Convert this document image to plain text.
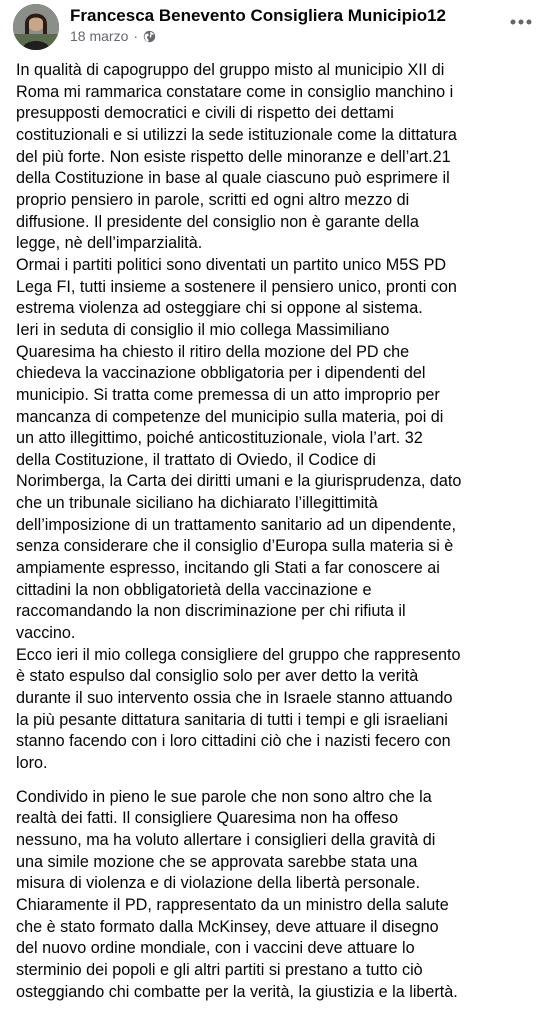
Francesca Benevento Consigliera Municipio12
18 marzo ·
In qualità di capogruppo del gruppo misto al municipio XII di
Roma mi rammarica constatare come in consiglio manchino i
presupposti democratici e civili di rispetto dei dettami
costituzionali e si utilizzi la sede istituzionale come la dittatura
del più forte. Non esiste rispetto delle minoranze e dell’art.21
della Costituzione in base al quale ciascuno può esprimere il
proprio pensiero in parole, scritti ed ogni altro mezzo di
diffusione. Il presidente del consiglio non è garante della
legge, nè dell’imparzialità.
Ormai i partiti politici sono diventati un partito unico M5S PD
Lega FI, tutti insieme a sostenere il pensiero unico, pronti con
estrema violenza ad osteggiare chi si oppone al sistema.
Ieri in seduta di consiglio il mio collega Massimiliano
Quaresima ha chiesto il ritiro della mozione del PD che
chiedeva la vaccinazione obbligatoria per i dipendenti del
municipio. Si tratta come premessa di un atto improprio per
mancanza di competenze del municipio sulla materia, poi di
un atto illegittimo, poiché anticostituzionale, viola l’art. 32
della Costituzione, il trattato di Oviedo, il Codice di
Norimberga, la Carta dei diritti umani e la giurisprudenza, dato
che un tribunale siciliano ha dichiarato l’illegittimità
dell’imposizione di un trattamento sanitario ad un dipendente,
senza considerare che il consiglio d’Europa sulla materia si è
ampiamente espresso, incitando gli Stati a far conoscere ai
cittadini la non obbligatorietà della vaccinazione e
raccomandando la non discriminazione per chi rifiuta il
vaccino.
Ecco ieri il mio collega consigliere del gruppo che rappresento
è stato espulso dal consiglio solo per aver detto la verità
durante il suo intervento ossia che in Israele stanno attuando
la più pesante dittatura sanitaria di tutti i tempi e gli israeliani
stanno facendo con i loro cittadini ciò che i nazisti fecero con
loro.
Condivido in pieno le sue parole che non sono altro che la
realtà dei fatti. Il consigliere Quaresima non ha offeso
nessuno, ma ha voluto allertare i consiglieri della gravità di
una simile mozione che se approvata sarebbe stata una
misura di violenza e di violazione della libertà personale.
Chiaramente il PD, rappresentato da un ministro della salute
che è stato formato dalla McKinsey, deve attuare il disegno
del nuovo ordine mondiale, con i vaccini deve attuare lo
sterminio dei popoli e gli altri partiti si prestano a tutto ciò
osteggiando chi combatte per la verità, la giustizia e la libertà.
